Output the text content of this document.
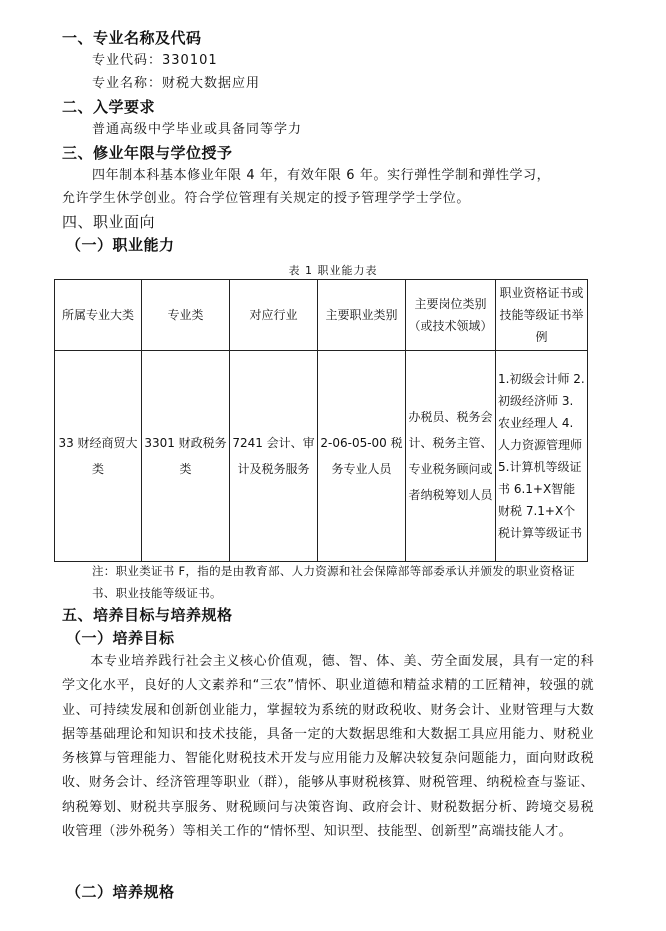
一、专业名称及代码
专业代码：330101
专业名称：财税大数据应用
二、入学要求
普通高级中学毕业或具备同等学力
三、修业年限与学位授予
四年制本科基本修业年限 4 年，有效年限 6 年。实行弹性学制和弹性学习，
允许学生休学创业。符合学位管理有关规定的授予管理学学士学位。
四、职业面向
（一）职业能力
表 1 职业能力表
所属专业大类	专业类	对应行业	主要职业类别	主要岗位类别（或技术领域）	职业资格证书或技能等级证书举例
33 财经商贸大类	3301 财政税务类	7241 会计、审计及税务服务	2-06-05-00 税务专业人员	办税员、税务会计、税务主管、专业税务顾问或者纳税筹划人员	1.初级会计师 2.初级经济师 3.农业经理人 4.人力资源管理师 5.计算机等级证书 6.1+X智能财税 7.1+X个税计算等级证书
注：职业类证书 F，指的是由教育部、人力资源和社会保障部等部委承认并颁发的职业资格证书、职业技能等级证书。
五、培养目标与培养规格
（一）培养目标
本专业培养践行社会主义核心价值观，德、智、体、美、劳全面发展，具有一定的科学文化水平，良好的人文素养和“三农”情怀、职业道德和精益求精的工匠精神，较强的就业、可持续发展和创新创业能力，掌握较为系统的财政税收、财务会计、业财管理与大数据等基础理论和知识和技术技能，具备一定的大数据思维和大数据工具应用能力、财税业务核算与管理能力、智能化财税技术开发与应用能力及解决较复杂问题能力，面向财政税收、财务会计、经济管理等职业（群），能够从事财税核算、财税管理、纳税检查与鉴证、纳税筹划、财税共享服务、财税顾问与决策咨询、政府会计、财税数据分析、跨境交易税收管理（涉外税务）等相关工作的“情怀型、知识型、技能型、创新型”高端技能人才。
（二）培养规格
